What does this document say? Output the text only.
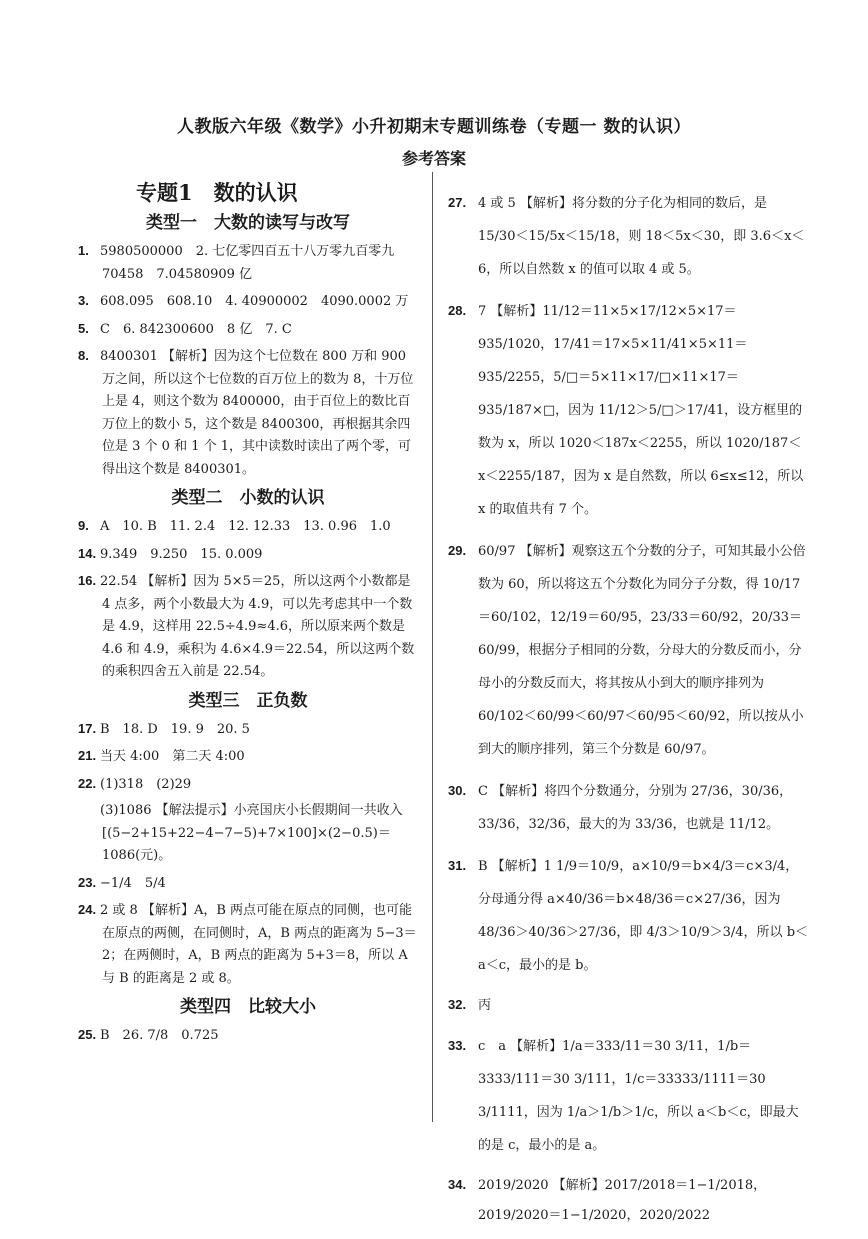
人教版六年级《数学》小升初期末专题训练卷（专题一 数的认识）
参考答案
专题1　数的认识
类型一　大数的读写与改写
1. 5980500000　2. 七亿零四百五十八万零九百零九 70458　7.04580909 亿
3. 608.095　608.10　4. 40900002　4090.0002 万
5. C　6. 842300600　8 亿　7. C
8. 8400301 【解析】因为这个七位数在 800 万和 900 万之间，所以这个七位数的百万位上的数为 8，十万位上是 4，则这个数为 8400000，由于百位上的数比百万位上的数小 5，这个数是 8400300，再根据其余四位是 3 个 0 和 1 个 1，其中读数时读出了两个零，可得出这个数是 8400301。
类型二　小数的认识
9. A　10. B　11. 2.4　12. 12.33　13. 0.96　1.0
14. 9.349　9.250　15. 0.009
16. 22.54 【解析】因为 5×5＝25，所以这两个小数都是 4 点多，两个小数最大为 4.9，可以先考虑其中一个数是 4.9，这样用 22.5÷4.9≈4.6，所以原来两个数是 4.6 和 4.9，乘积为 4.6×4.9＝22.54，所以这两个数的乘积四舍五入前是 22.54。
类型三　正负数
17. B　18. D　19. 9　20. 5
21. 当天 4:00　第二天 4:00
22. (1)318　(2)29
(3)1086 【解法提示】小亮国庆小长假期间一共收入[(5−2+15+22−4−7−5)+7×100]×(2−0.5)＝1086(元)。
23. −1/4　5/4
24. 2 或 8 【解析】A，B 两点可能在原点的同侧，也可能在原点的两侧，在同侧时，A，B 两点的距离为 5−3＝2；在两侧时，A，B 两点的距离为 5+3＝8，所以 A 与 B 的距离是 2 或 8。
类型四　比较大小
25. B　26. 7/8　0.725
27. 4 或 5 【解析】将分数的分子化为相同的数后，是 15/30＜15/5x＜15/18，则 18＜5x＜30，即 3.6＜x＜6，所以自然数 x 的值可以取 4 或 5。
28. 7 【解析】11/12＝11×5×17/12×5×17＝935/1020，17/41＝17×5×11/41×5×11＝935/2255，5/□＝5×11×17/□×11×17＝935/187×□，因为 11/12＞5/□＞17/41，设方框里的数为 x，所以 1020＜187x＜2255，所以 1020/187＜x＜2255/187，因为 x 是自然数，所以 6≤x≤12，所以 x 的取值共有 7 个。
29. 60/97 【解析】观察这五个分数的分子，可知其最小公倍数为 60，所以将这五个分数化为同分子分数，得 10/17＝60/102，12/19＝60/95，23/33＝60/92，20/33＝60/99，根据分子相同的分数，分母大的分数反而小，分母小的分数反而大，将其按从小到大的顺序排列为 60/102＜60/99＜60/97＜60/95＜60/92，所以按从小到大的顺序排列，第三个分数是 60/97。
30. C 【解析】将四个分数通分，分别为 27/36，30/36，33/36，32/36，最大的为 33/36，也就是 11/12。
31. B 【解析】1 1/9＝10/9，a×10/9＝b×4/3＝c×3/4，分母通分得 a×40/36＝b×48/36＝c×27/36，因为 48/36＞40/36＞27/36，即 4/3＞10/9＞3/4，所以 b＜a＜c，最小的是 b。
32. 丙
33. c　a 【解析】1/a＝333/11＝30 3/11，1/b＝3333/111＝30 3/111，1/c＝33333/1111＝30 3/1111，因为 1/a＞1/b＞1/c，所以 a＜b＜c，即最大的是 c，最小的是 a。
34. 2019/2020 【解析】2017/2018＝1−1/2018，2019/2020＝1−1/2020，2020/2022
